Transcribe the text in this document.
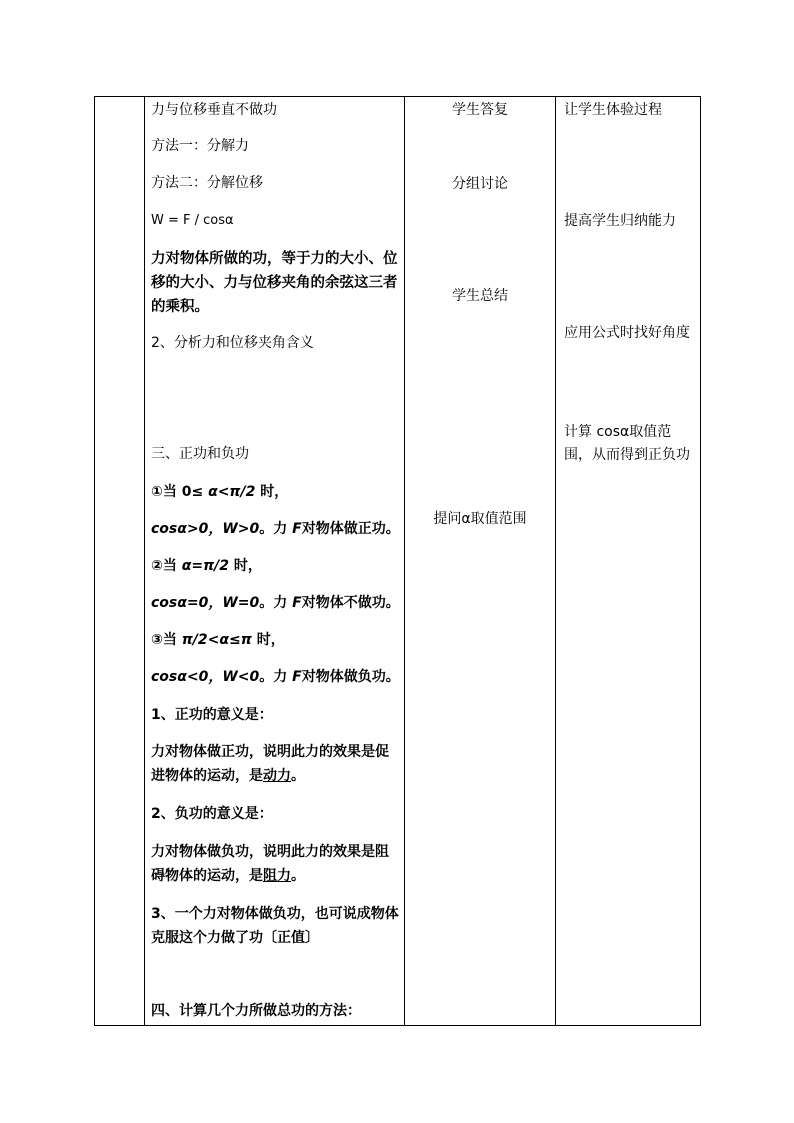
力与位移垂直不做功
方法一：分解力
方法二：分解位移
W = F / cosα
力对物体所做的功，等于力的大小、位移的大小、力与位移夹角的余弦这三者的乘积。
2、分析力和位移夹角含义
三、正功和负功
①当 0≤ α<π/2 时，
cosα>0，W>0。力 F对物体做正功。
②当 α=π/2 时，
cosα=0，W=0。力 F对物体不做功。
③当 π/2<α≤π 时，
cosα<0，W<0。力 F对物体做负功。
1、正功的意义是：
力对物体做正功，说明此力的效果是促进物体的运动，是动力。
2、负功的意义是：
力对物体做负功，说明此力的效果是阻碍物体的运动，是阻力。
3、一个力对物体做负功，也可说成物体克服这个力做了功〔正值〕
四、计算几个力所做总功的方法：

学生答复
分组讨论
学生总结
提问α取值范围

让学生体验过程
提高学生归纳能力
应用公式时找好角度
计算 cosα取值范围，从而得到正负功
